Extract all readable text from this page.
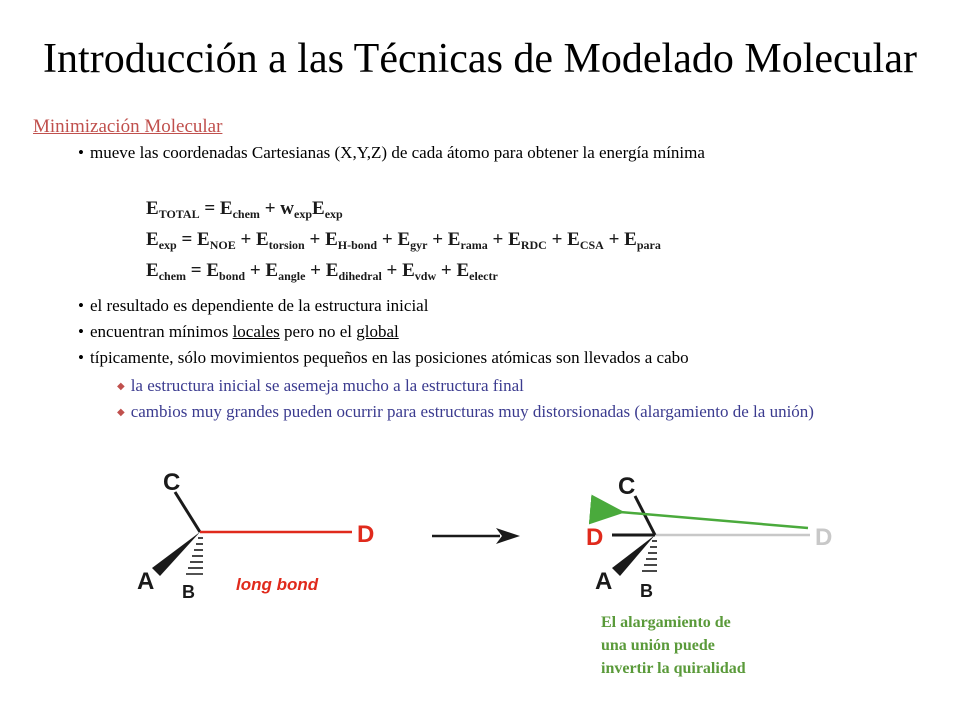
Introducción a las Técnicas de Modelado Molecular
Minimización Molecular
• mueve las coordenadas Cartesianas (X,Y,Z) de cada átomo para obtener la energía mínima
$E_{TOTAL} = E_{chem} + w_{exp}E_{exp}$
$E_{exp} = E_{NOE} + E_{torsion} + E_{H-bond} + E_{gyr} + E_{rama} + E_{RDC} + E_{CSA} + E_{para}$
$E_{chem} = E_{bond} + E_{angle} + E_{dihedral} + E_{vdw} + E_{electr}$
• el resultado es dependiente de la estructura inicial
• encuentran mínimos locales pero no el global
• típicamente, sólo movimientos pequeños en las posiciones atómicas son llevados a cabo
◆ la estructura inicial se asemeja mucho a la estructura final
◆ cambios muy grandes pueden ocurrir para estructuras muy distorsionadas (alargamiento de la unión)
C
D
A B long bond
C
D	D
A B
El alargamiento de
una unión puede
invertir la quiralidad
